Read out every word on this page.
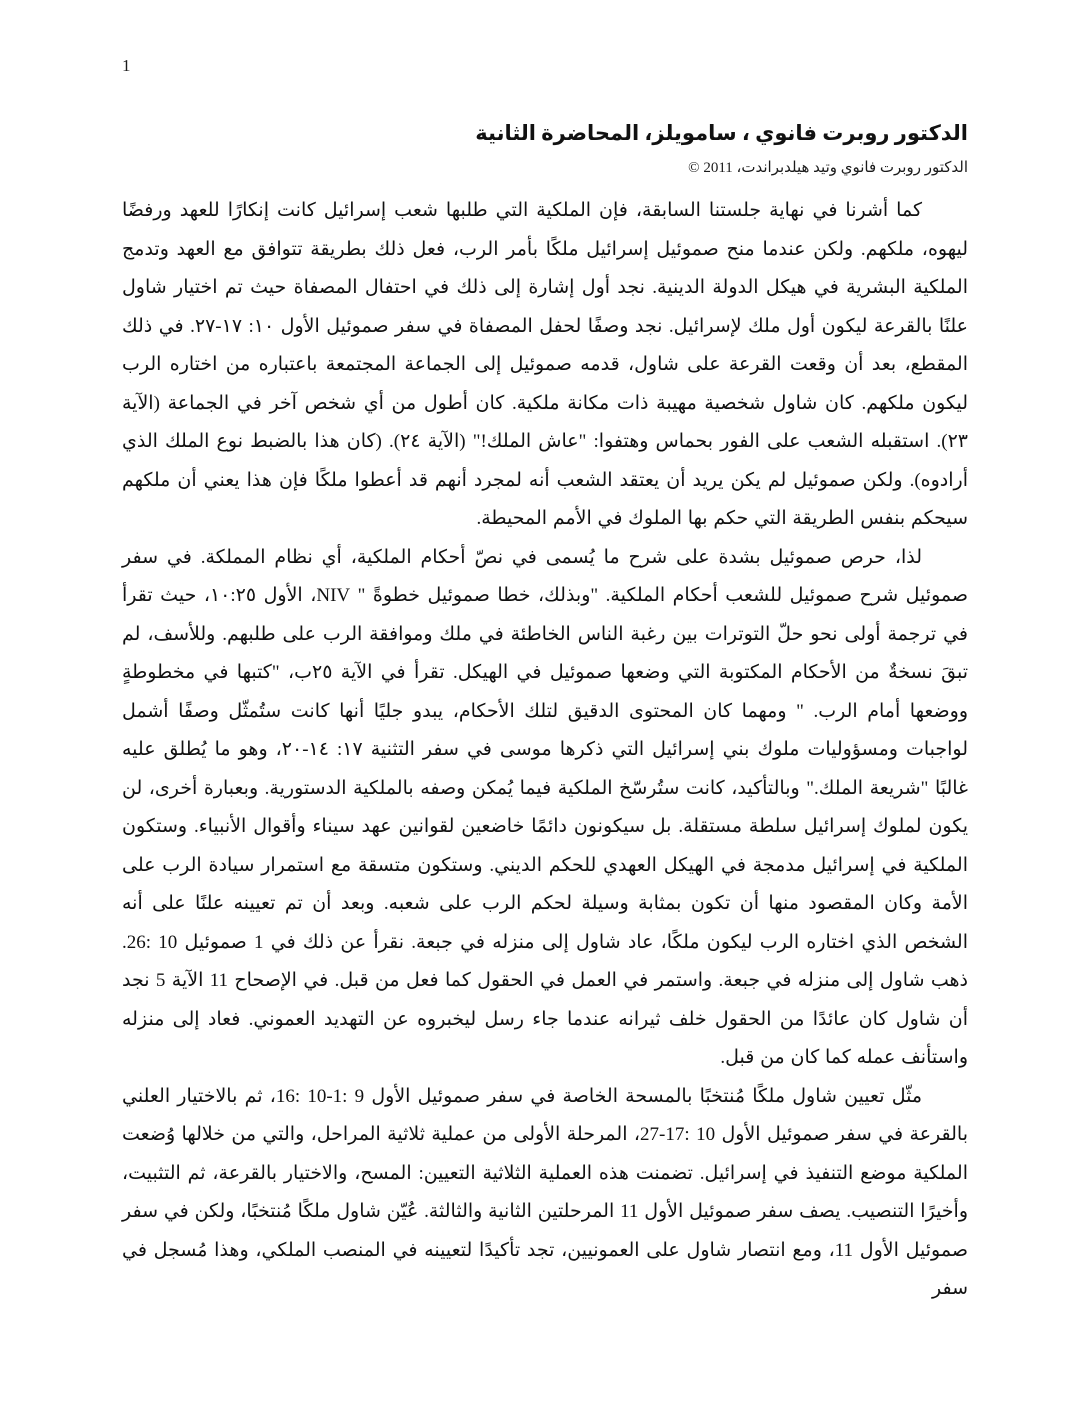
1
الدكتور روبرت فانوي ، سامويلز، المحاضرة الثانية
الدكتور روبرت فانوي وتيد هيلدبراندت، 2011 ©

كما أشرنا في نهاية جلستنا السابقة، فإن الملكية التي طلبها شعب إسرائيل كانت إنكارًا للعهد ورفضًا ليهوه، ملكهم. ولكن عندما منح صموئيل إسرائيل ملكًا بأمر الرب، فعل ذلك بطريقة تتوافق مع العهد وتدمج الملكية البشرية في هيكل الدولة الدينية. نجد أول إشارة إلى ذلك في احتفال المصفاة حيث تم اختيار شاول علنًا بالقرعة ليكون أول ملك لإسرائيل. نجد وصفًا لحفل المصفاة في سفر صموئيل الأول ١٠: ١٧-٢٧. في ذلك المقطع، بعد أن وقعت القرعة على شاول، قدمه صموئيل إلى الجماعة المجتمعة باعتباره من اختاره الرب ليكون ملكهم. كان شاول شخصية مهيبة ذات مكانة ملكية. كان أطول من أي شخص آخر في الجماعة (الآية ٢٣). استقبله الشعب على الفور بحماس وهتفوا: "عاش الملك!" (الآية ٢٤). (كان هذا بالضبط نوع الملك الذي أرادوه). ولكن صموئيل لم يكن يريد أن يعتقد الشعب أنه لمجرد أنهم قد أعطوا ملكًا فإن هذا يعني أن ملكهم سيحكم بنفس الطريقة التي حكم بها الملوك في الأمم المحيطة.

لذا، حرص صموئيل بشدة على شرح ما يُسمى في نصّ أحكام الملكية، أي نظام المملكة. في سفر صموئيل شرح صموئيل للشعب أحكام الملكية. "وبذلك، خطا صموئيل خطوةً " NIV، الأول ١٠:٢٥، حيث تقرأ في ترجمة أولى نحو حلّ التوترات بين رغبة الناس الخاطئة في ملك وموافقة الرب على طلبهم. وللأسف، لم تبقَ نسخةٌ من الأحكام المكتوبة التي وضعها صموئيل في الهيكل. تقرأ في الآية ٢٥ب، "كتبها في مخطوطةٍ ووضعها أمام الرب. " ومهما كان المحتوى الدقيق لتلك الأحكام، يبدو جليًا أنها كانت ستُمثّل وصفًا أشمل لواجبات ومسؤوليات ملوك بني إسرائيل التي ذكرها موسى في سفر التثنية ١٧: ١٤-٢٠، وهو ما يُطلق عليه غالبًا "شريعة الملك." وبالتأكيد، كانت ستُرسّخ الملكية فيما يُمكن وصفه بالملكية الدستورية. وبعبارة أخرى، لن يكون لملوك إسرائيل سلطة مستقلة. بل سيكونون دائمًا خاضعين لقوانين عهد سيناء وأقوال الأنبياء. وستكون الملكية في إسرائيل مدمجة في الهيكل العهدي للحكم الديني. وستكون متسقة مع استمرار سيادة الرب على الأمة وكان المقصود منها أن تكون بمثابة وسيلة لحكم الرب على شعبه. وبعد أن تم تعيينه علنًا على أنه الشخص الذي اختاره الرب ليكون ملكًا، عاد شاول إلى منزله في جبعة. نقرأ عن ذلك في 1 صموئيل 10 :26. ذهب شاول إلى منزله في جبعة. واستمر في العمل في الحقول كما فعل من قبل. في الإصحاح 11 الآية 5 نجد أن شاول كان عائدًا من الحقول خلف ثيرانه عندما جاء رسل ليخبروه عن التهديد العموني. فعاد إلى منزله واستأنف عمله كما كان من قبل.

مثّل تعيين شاول ملكًا مُنتخبًا بالمسحة الخاصة في سفر صموئيل الأول 9 :1-10 :16، ثم بالاختيار العلني بالقرعة في سفر صموئيل الأول 10 :17-27، المرحلة الأولى من عملية ثلاثية المراحل، والتي من خلالها وُضعت الملكية موضع التنفيذ في إسرائيل. تضمنت هذه العملية الثلاثية التعيين: المسح، والاختيار بالقرعة، ثم التثبيت، وأخيرًا التنصيب. يصف سفر صموئيل الأول 11 المرحلتين الثانية والثالثة. عُيّن شاول ملكًا مُنتخبًا، ولكن في سفر صموئيل الأول 11، ومع انتصار شاول على العمونيين، تجد تأكيدًا لتعيينه في المنصب الملكي، وهذا مُسجل في سفر
